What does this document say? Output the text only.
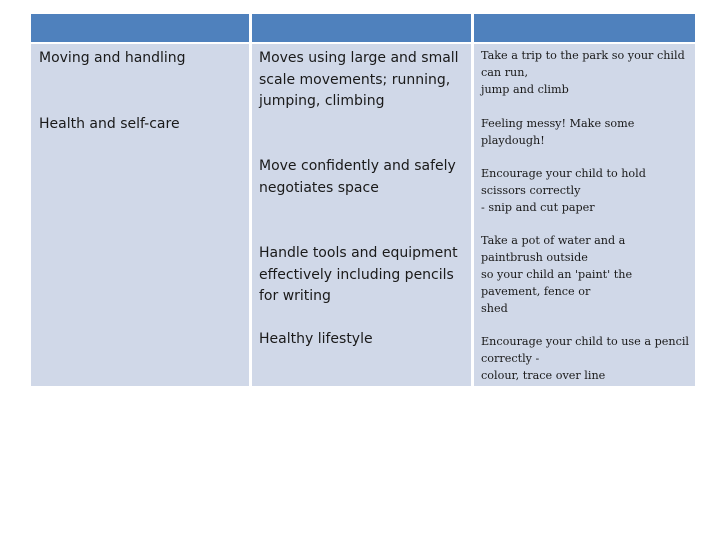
Moving and handling
Health and self-care
Moves using large and small
scale movements; running,
jumping, climbing
Move confidently and safely
negotiates space
Handle tools and equipment
effectively including pencils
for writing
Healthy lifestyle
Take a trip to the park so your child
can run,
jump and climb
Feeling messy! Make some
playdough!
Encourage your child to hold
scissors correctly
- snip and cut paper
Take a pot of water and a
paintbrush outside
so your child an 'paint' the
pavement, fence or
shed
Encourage your child to use a pencil
correctly -
colour, trace over line
